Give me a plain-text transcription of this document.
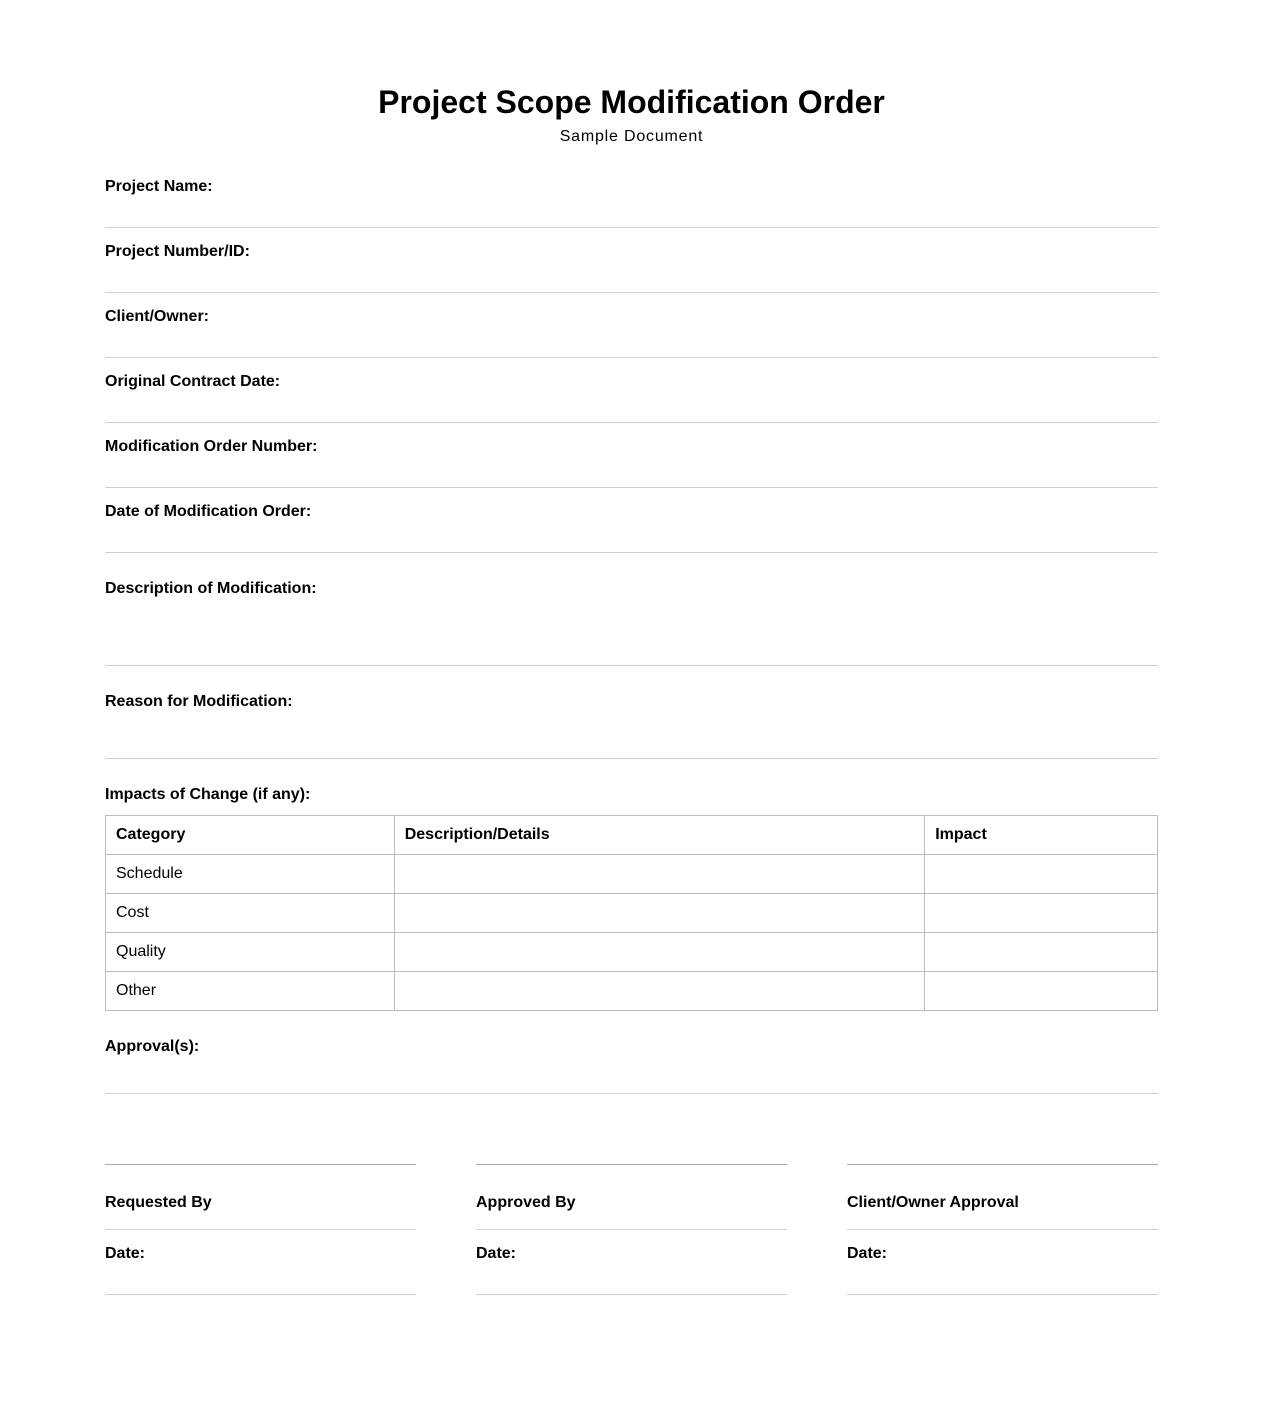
Project Scope Modification Order
Sample Document
Project Name:
Project Number/ID:
Client/Owner:
Original Contract Date:
Modification Order Number:
Date of Modification Order:
Description of Modification:
Reason for Modification:
Impacts of Change (if any):
Category	Description/Details	Impact
Schedule		
Cost		
Quality		
Other		
Approval(s):
Requested By
Date:
Approved By
Date:
Client/Owner Approval
Date:
